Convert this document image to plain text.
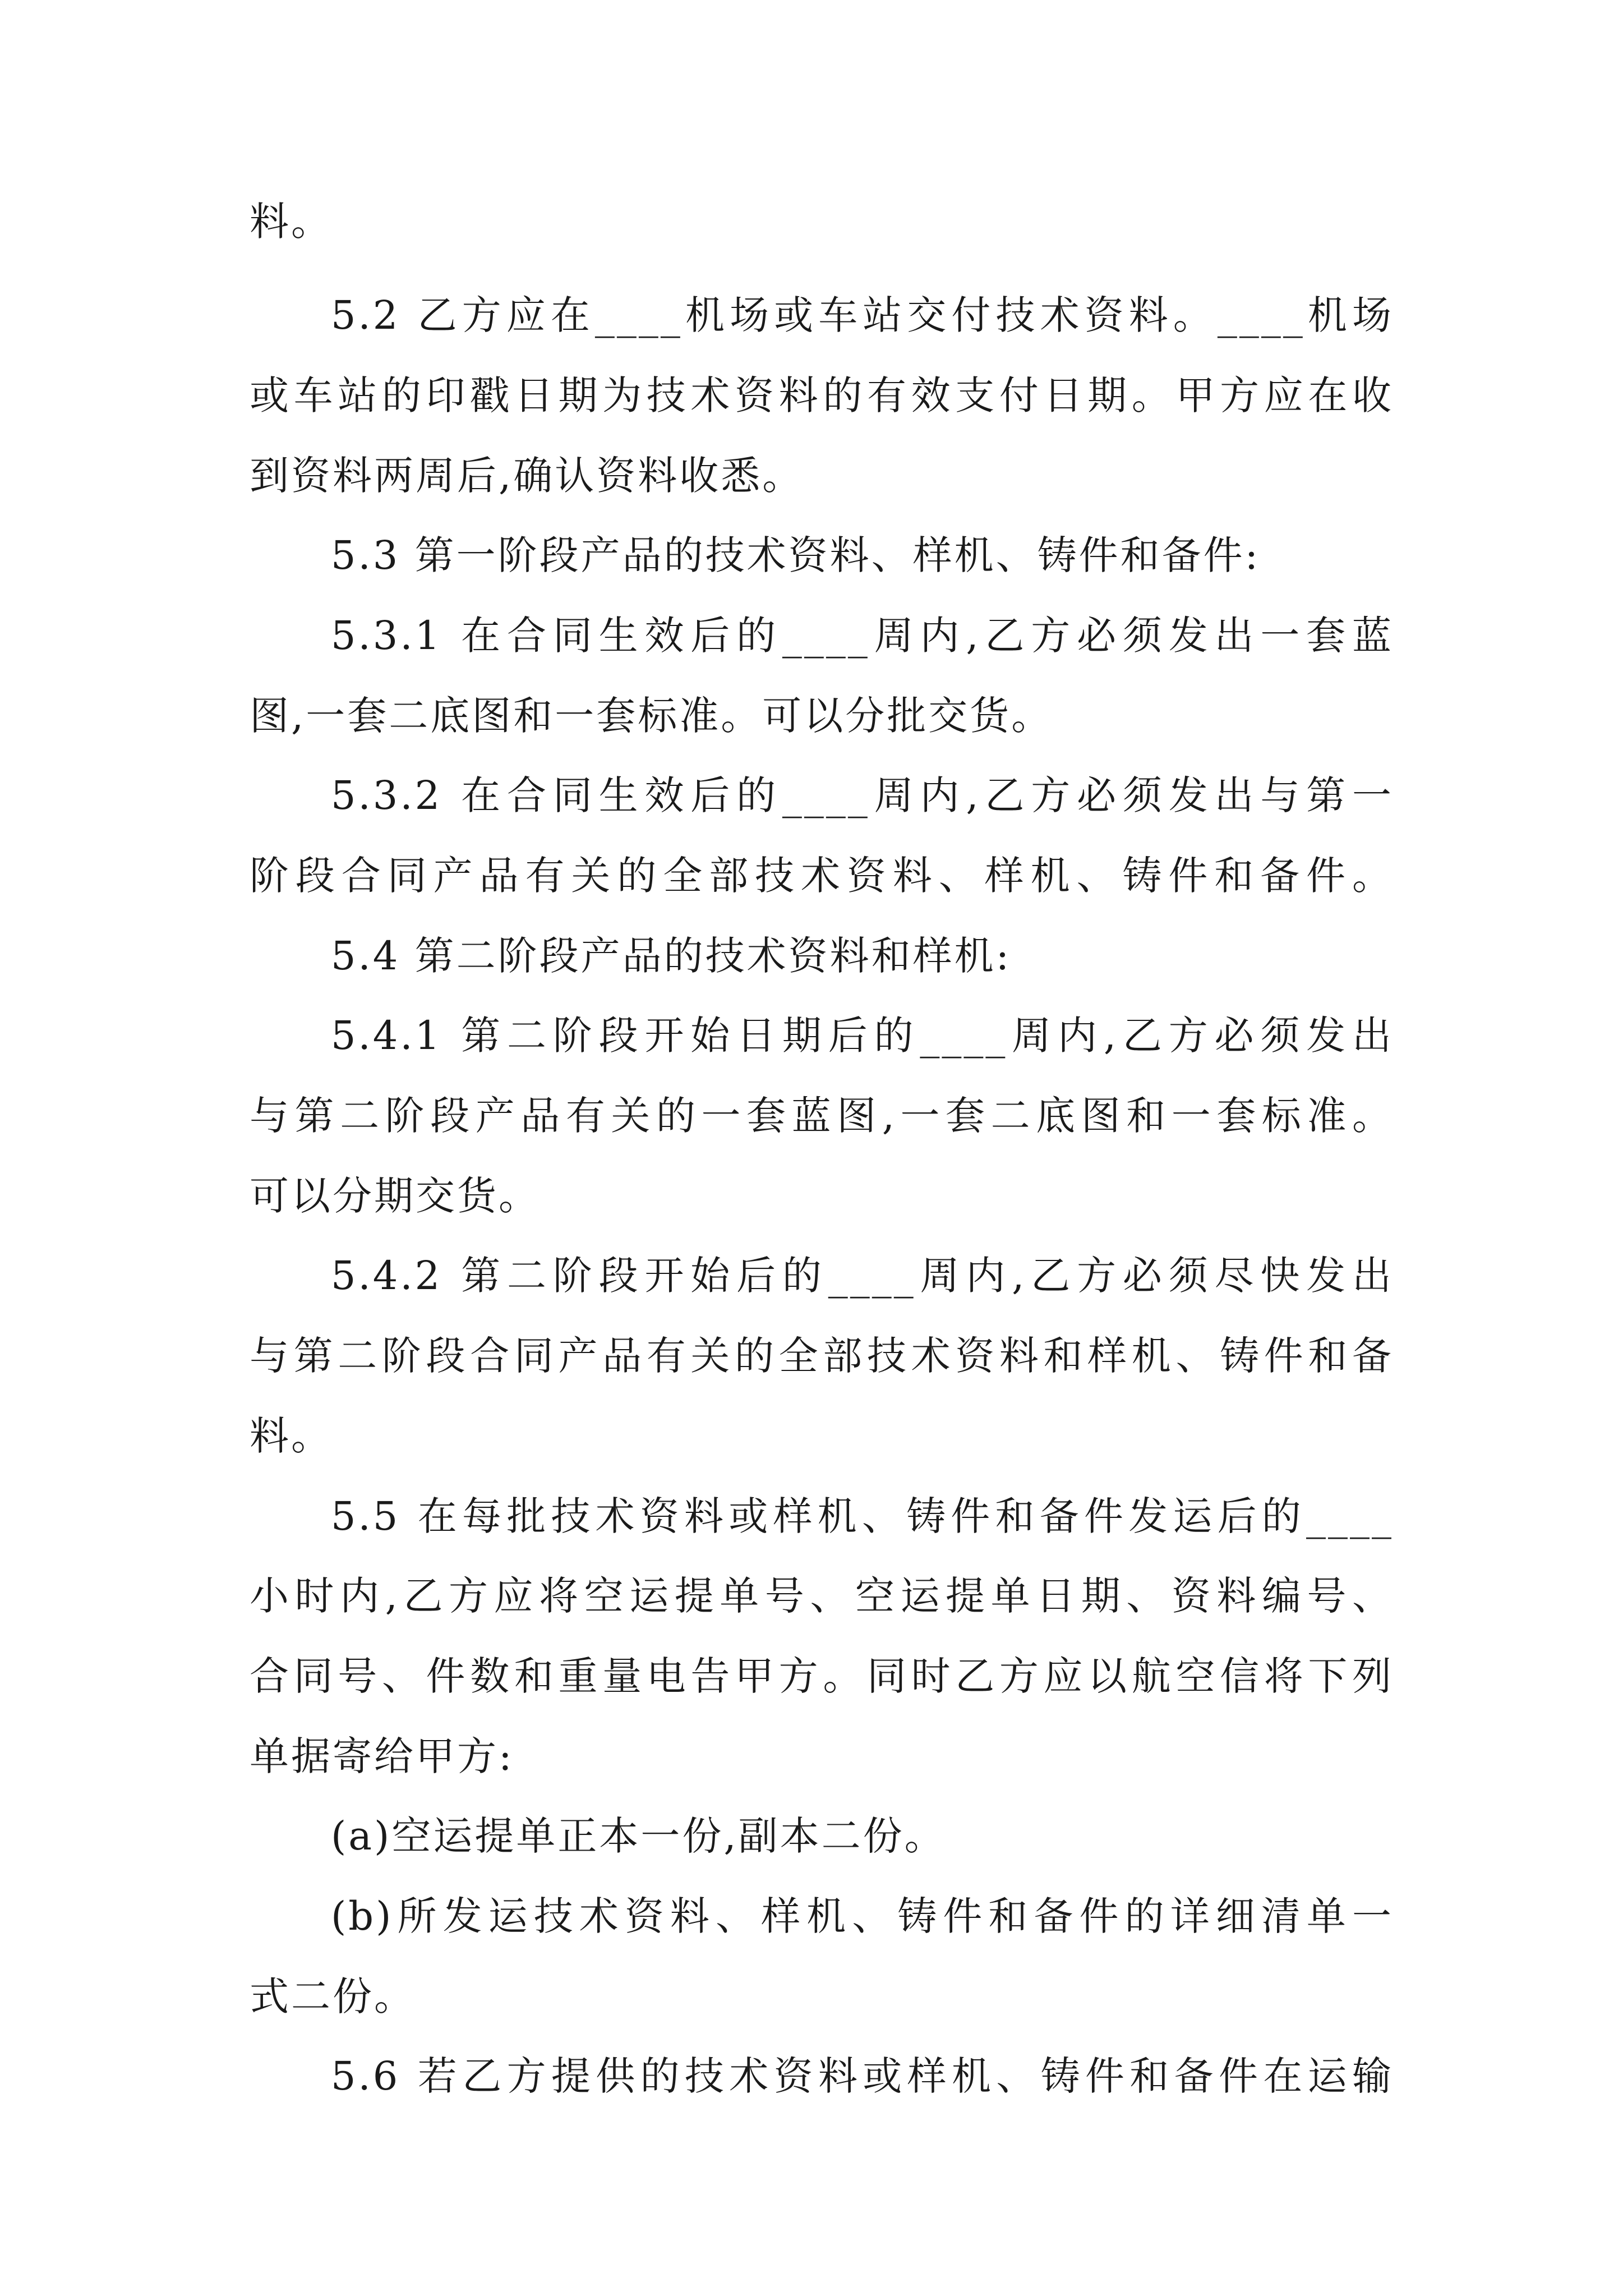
料。
5.2 乙方应在____机场或车站交付技术资料。____机场
或车站的印戳日期为技术资料的有效支付日期。甲方应在收
到资料两周后,确认资料收悉。
5.3 第一阶段产品的技术资料、样机、铸件和备件:
5.3.1 在合同生效后的____周内,乙方必须发出一套蓝
图,一套二底图和一套标准。可以分批交货。
5.3.2 在合同生效后的____周内,乙方必须发出与第一
阶段合同产品有关的全部技术资料、样机、铸件和备件。
5.4 第二阶段产品的技术资料和样机:
5.4.1 第二阶段开始日期后的____周内,乙方必须发出
与第二阶段产品有关的一套蓝图,一套二底图和一套标准。
可以分期交货。
5.4.2 第二阶段开始后的____周内,乙方必须尽快发出
与第二阶段合同产品有关的全部技术资料和样机、铸件和备
料。
5.5 在每批技术资料或样机、铸件和备件发运后的____
小时内,乙方应将空运提单号、空运提单日期、资料编号、
合同号、件数和重量电告甲方。同时乙方应以航空信将下列
单据寄给甲方:
(a)空运提单正本一份,副本二份。
(b)所发运技术资料、样机、铸件和备件的详细清单一
式二份。
5.6 若乙方提供的技术资料或样机、铸件和备件在运输
